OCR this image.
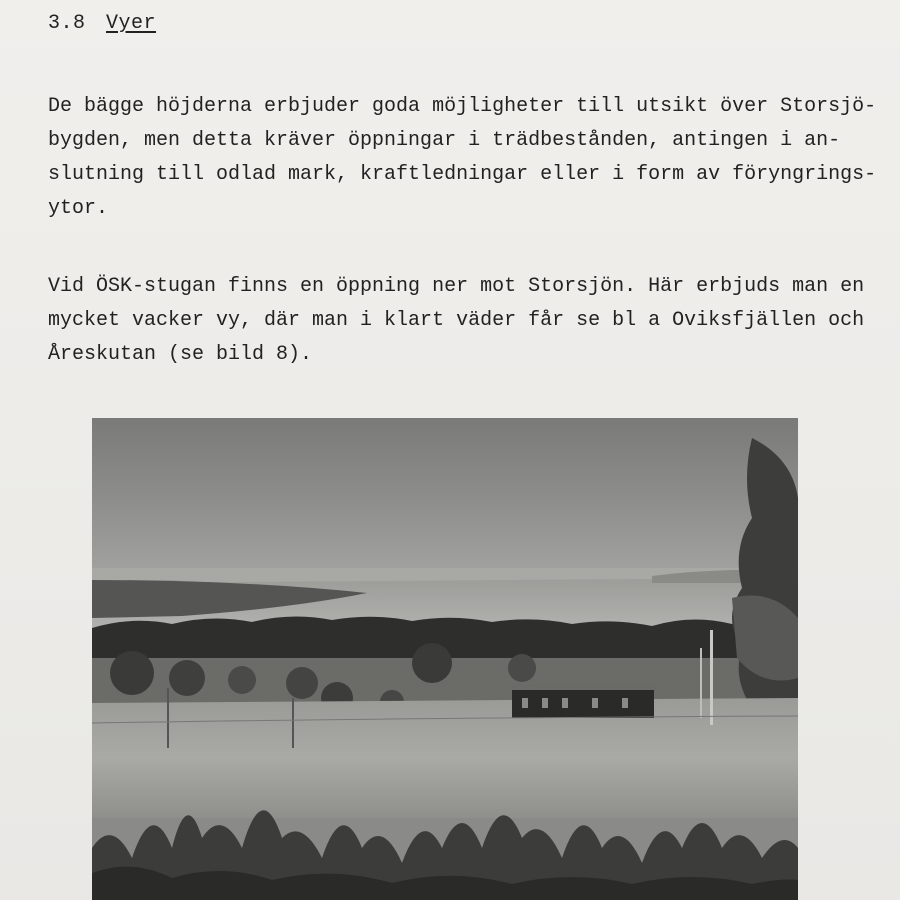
3.8 Vyer

De bägge höjderna erbjuder goda möjligheter till utsikt över Storsjö-
bygden, men detta kräver öppningar i trädbestånden, antingen i an-
slutning till odlad mark, kraftledningar eller i form av föryngrings-
ytor.

Vid ÖSK-stugan finns en öppning ner mot Storsjön. Här erbjuds man en
mycket vacker vy, där man i klart väder får se bl a Oviksfjällen och
Åreskutan (se bild 8).
